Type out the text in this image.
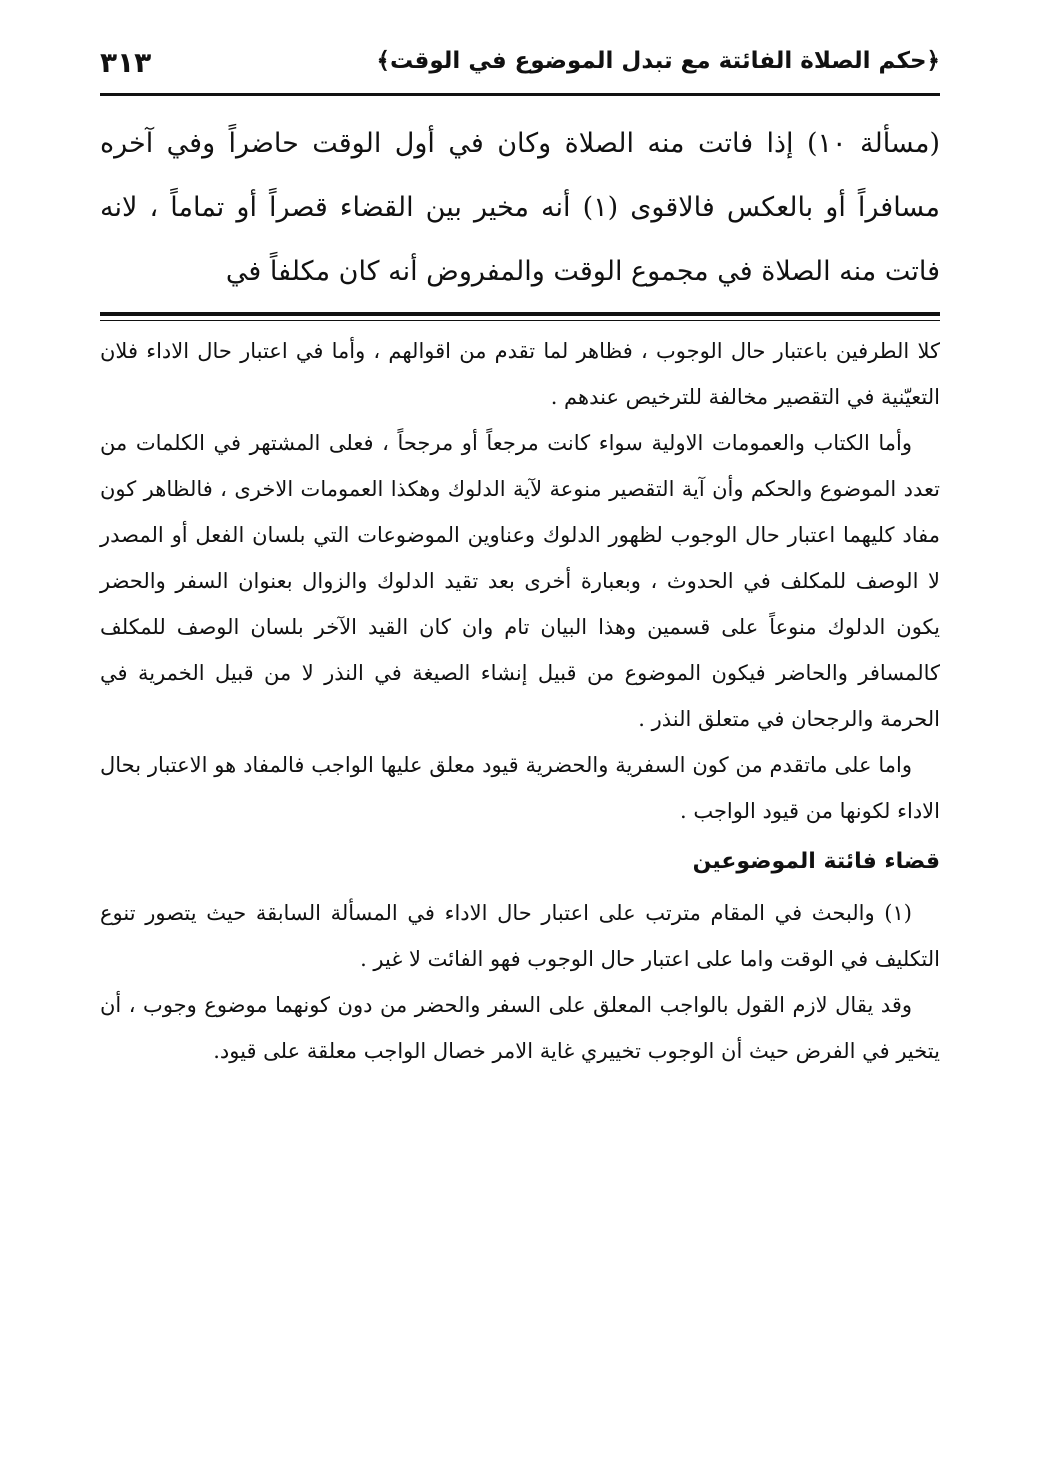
﴿حكم الصلاة الفائتة مع تبدل الموضوع في الوقت﴾
٣١٣

(مسألة ١٠) إذا فاتت منه الصلاة وكان في أول الوقت حاضراً وفي آخره مسافراً أو بالعكس فالاقوى (١) أنه مخير بين القضاء قصراً أو تماماً ، لانه فاتت منه الصلاة في مجموع الوقت والمفروض أنه كان مكلفاً في

كلا الطرفين باعتبار حال الوجوب ، فظاهر لما تقدم من اقوالهم ، وأما في اعتبار حال الاداء فلان التعيّنية في التقصير مخالفة للترخيص عندهم .

وأما الكتاب والعمومات الاولية سواء كانت مرجعاً أو مرجحاً ، فعلى المشتهر في الكلمات من تعدد الموضوع والحكم وأن آية التقصير منوعة لآية الدلوك وهكذا العمومات الاخرى ، فالظاهر كون مفاد كليهما اعتبار حال الوجوب لظهور الدلوك وعناوين الموضوعات التي بلسان الفعل أو المصدر لا الوصف للمكلف في الحدوث ، وبعبارة أخرى بعد تقيد الدلوك والزوال بعنوان السفر والحضر يكون الدلوك منوعاً على قسمين وهذا البيان تام وان كان القيد الآخر بلسان الوصف للمكلف كالمسافر والحاضر فيكون الموضوع من قبيل إنشاء الصيغة في النذر لا من قبيل الخمرية في الحرمة والرجحان في متعلق النذر .

واما على ماتقدم من كون السفرية والحضرية قيود معلق عليها الواجب فالمفاد هو الاعتبار بحال الاداء لكونها من قيود الواجب .

قضاء فائتة الموضوعين

(١) والبحث في المقام مترتب على اعتبار حال الاداء في المسألة السابقة حيث يتصور تنوع التكليف في الوقت واما على اعتبار حال الوجوب فهو الفائت لا غير .

وقد يقال لازم القول بالواجب المعلق على السفر والحضر من دون كونهما موضوع وجوب ، أن يتخير في الفرض حيث أن الوجوب تخييري غاية الامر خصال الواجب معلقة على قيود.
